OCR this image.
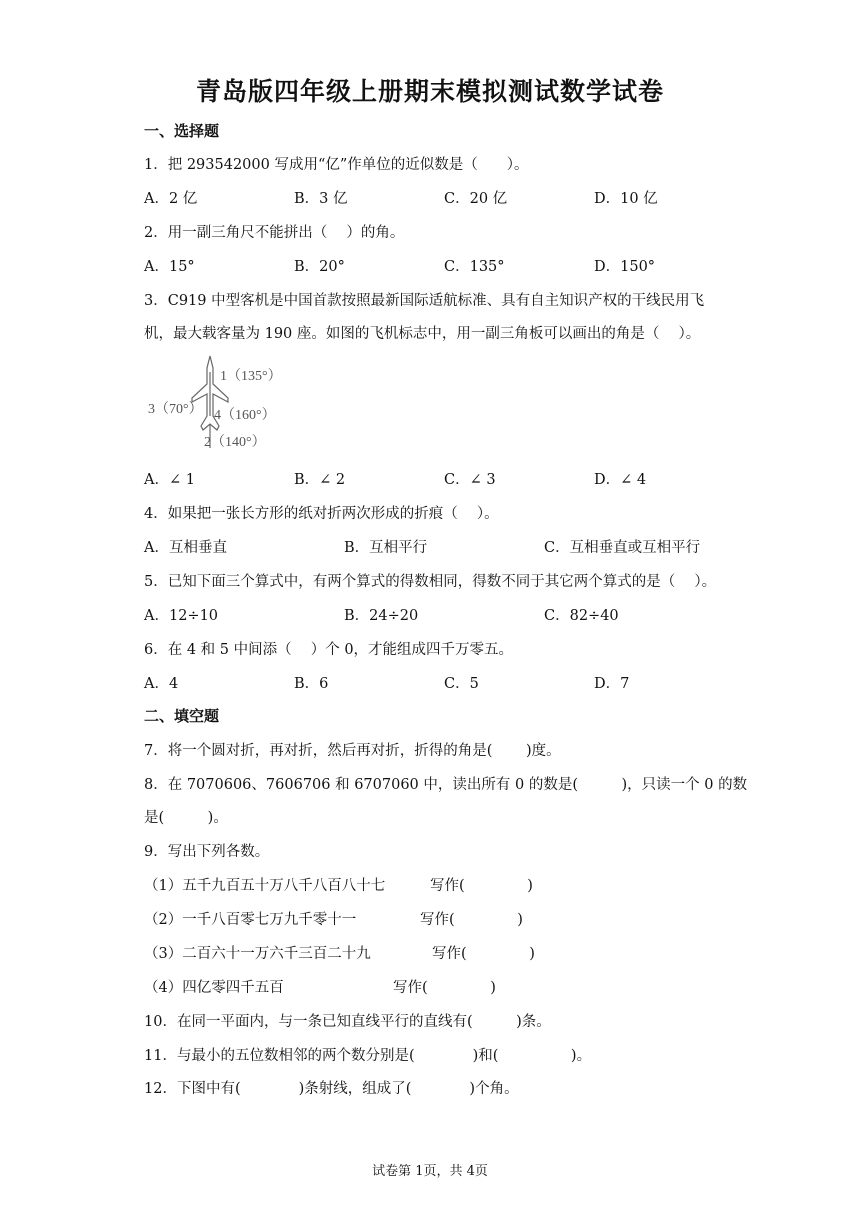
青岛版四年级上册期末模拟测试数学试卷
一、选择题
1．把 293542000 写成用“亿”作单位的近似数是（　　）。
A．2 亿	B．3 亿	C．20 亿	D．10 亿
2．用一副三角尺不能拼出（　 ）的角。
A．15°	B．20°	C．135°	D．150°
3．C919 中型客机是中国首款按照最新国际适航标准、具有自主知识产权的干线民用飞
机，最大载客量为 190 座。如图的飞机标志中，用一副三角板可以画出的角是（　 ）。
1（135°）
3（70°） 4（160°）
2（140°）
A．∠ 1	B．∠ 2	C．∠ 3	D．∠ 4
4．如果把一张长方形的纸对折两次形成的折痕（　 ）。
A．互相垂直	B．互相平行	C．互相垂直或互相平行
5．已知下面三个算式中，有两个算式的得数相同，得数不同于其它两个算式的是（　 ）。
A．12÷10	B．24÷20	C．82÷40
6．在 4 和 5 中间添（　 ）个 0，才能组成四千万零五。
A．4	B．6	C．5	D．7
二、填空题
7．将一个圆对折，再对折，然后再对折，折得的角是(　　 )度。
8．在 7070606、7606706 和 6707060 中，读出所有 0 的数是(　　　)，只读一个 0 的数
是(　　　)。
9．写出下列各数。
（1）五千九百五十万八千八百八十七	写作(　　　　 )
（2）一千八百零七万九千零十一	写作(　　　　 )
（3）二百六十一万六千三百二十九	写作(　　　　 )
（4）四亿零四千五百	写作(　　　　 )
10．在同一平面内，与一条已知直线平行的直线有(　　　)条。
11．与最小的五位数相邻的两个数分别是(　　　　)和(　　　　　)。
12．下图中有(　　　　)条射线，组成了(　　　　)个角。
试卷第 1页，共 4页
